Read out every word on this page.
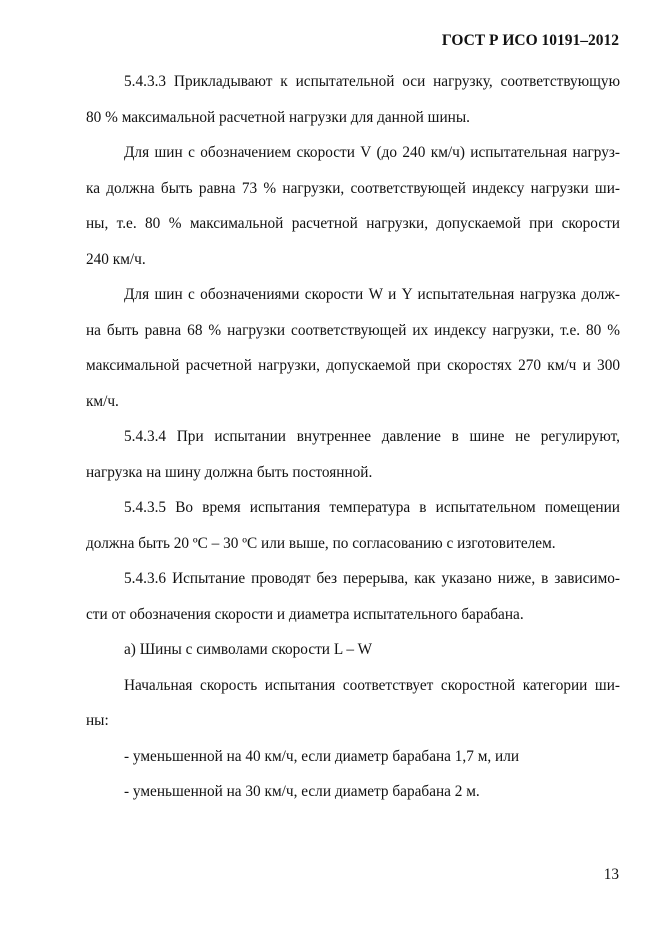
ГОСТ Р ИСО 10191–2012
5.4.3.3 Прикладывают к испытательной оси нагрузку, соответствующую
80 % максимальной расчетной нагрузки для данной шины.
Для шин с обозначением скорости V (до 240 км/ч) испытательная нагруз-
ка должна быть равна 73 % нагрузки, соответствующей индексу нагрузки ши-
ны, т.е. 80 % максимальной расчетной нагрузки, допускаемой при скорости
240 км/ч.
Для шин с обозначениями скорости W и Y испытательная нагрузка долж-
на быть равна 68 % нагрузки соответствующей их индексу нагрузки, т.е. 80 %
максимальной расчетной нагрузки, допускаемой при скоростях 270 км/ч и 300
км/ч.
5.4.3.4 При испытании внутреннее давление в шине не регулируют,
нагрузка на шину должна быть постоянной.
5.4.3.5 Во время испытания температура в испытательном помещении
должна быть 20 ºС – 30 ºС или выше, по согласованию с изготовителем.
5.4.3.6 Испытание проводят без перерыва, как указано ниже, в зависимо-
сти от обозначения скорости и диаметра испытательного барабана.
а) Шины с символами скорости L – W
Начальная скорость испытания соответствует скоростной категории ши-
ны:
- уменьшенной на 40 км/ч, если диаметр барабана 1,7 м, или
- уменьшенной на 30 км/ч, если диаметр барабана 2 м.
13
